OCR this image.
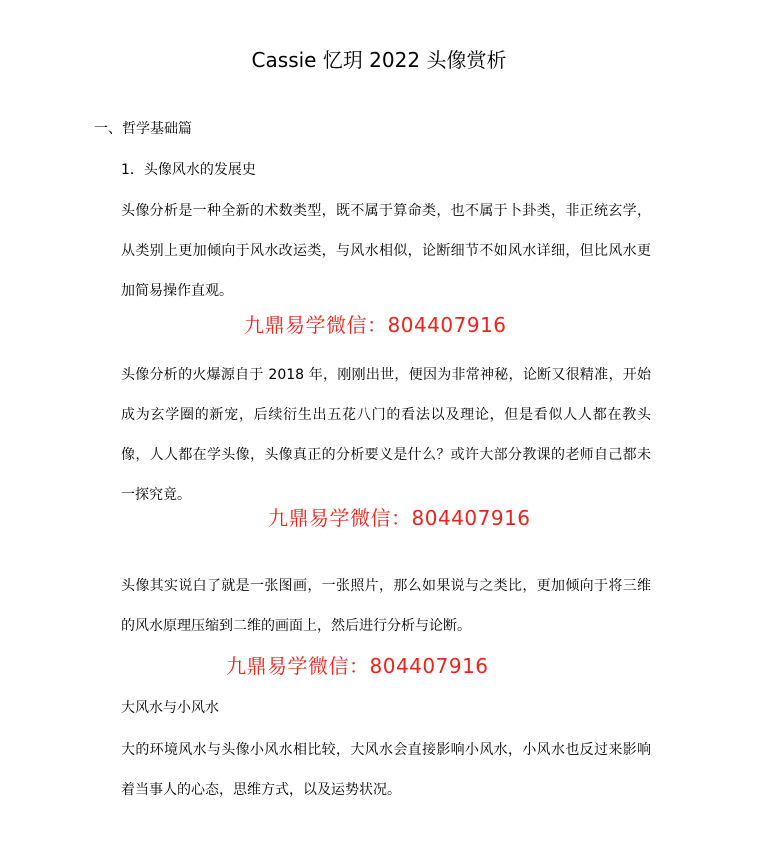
Cassie 忆玥 2022 头像赏析
一、哲学基础篇
1．头像风水的发展史

头像分析是一种全新的术数类型，既不属于算命类，也不属于卜卦类，非正统玄学，从类别上更加倾向于风水改运类，与风水相似，论断细节不如风水详细，但比风水更加简易操作直观。

九鼎易学微信：804407916

头像分析的火爆源自于 2018 年，刚刚出世，便因为非常神秘，论断又很精准，开始成为玄学圈的新宠，后续衍生出五花八门的看法以及理论，但是看似人人都在教头像，人人都在学头像，头像真正的分析要义是什么？或许大部分教课的老师自己都未一探究竟。

九鼎易学微信：804407916

头像其实说白了就是一张图画，一张照片，那么如果说与之类比，更加倾向于将三维的风水原理压缩到二维的画面上，然后进行分析与论断。

九鼎易学微信：804407916
大风水与小风水

大的环境风水与头像小风水相比较，大风水会直接影响小风水，小风水也反过来影响着当事人的心态，思维方式，以及运势状况。
